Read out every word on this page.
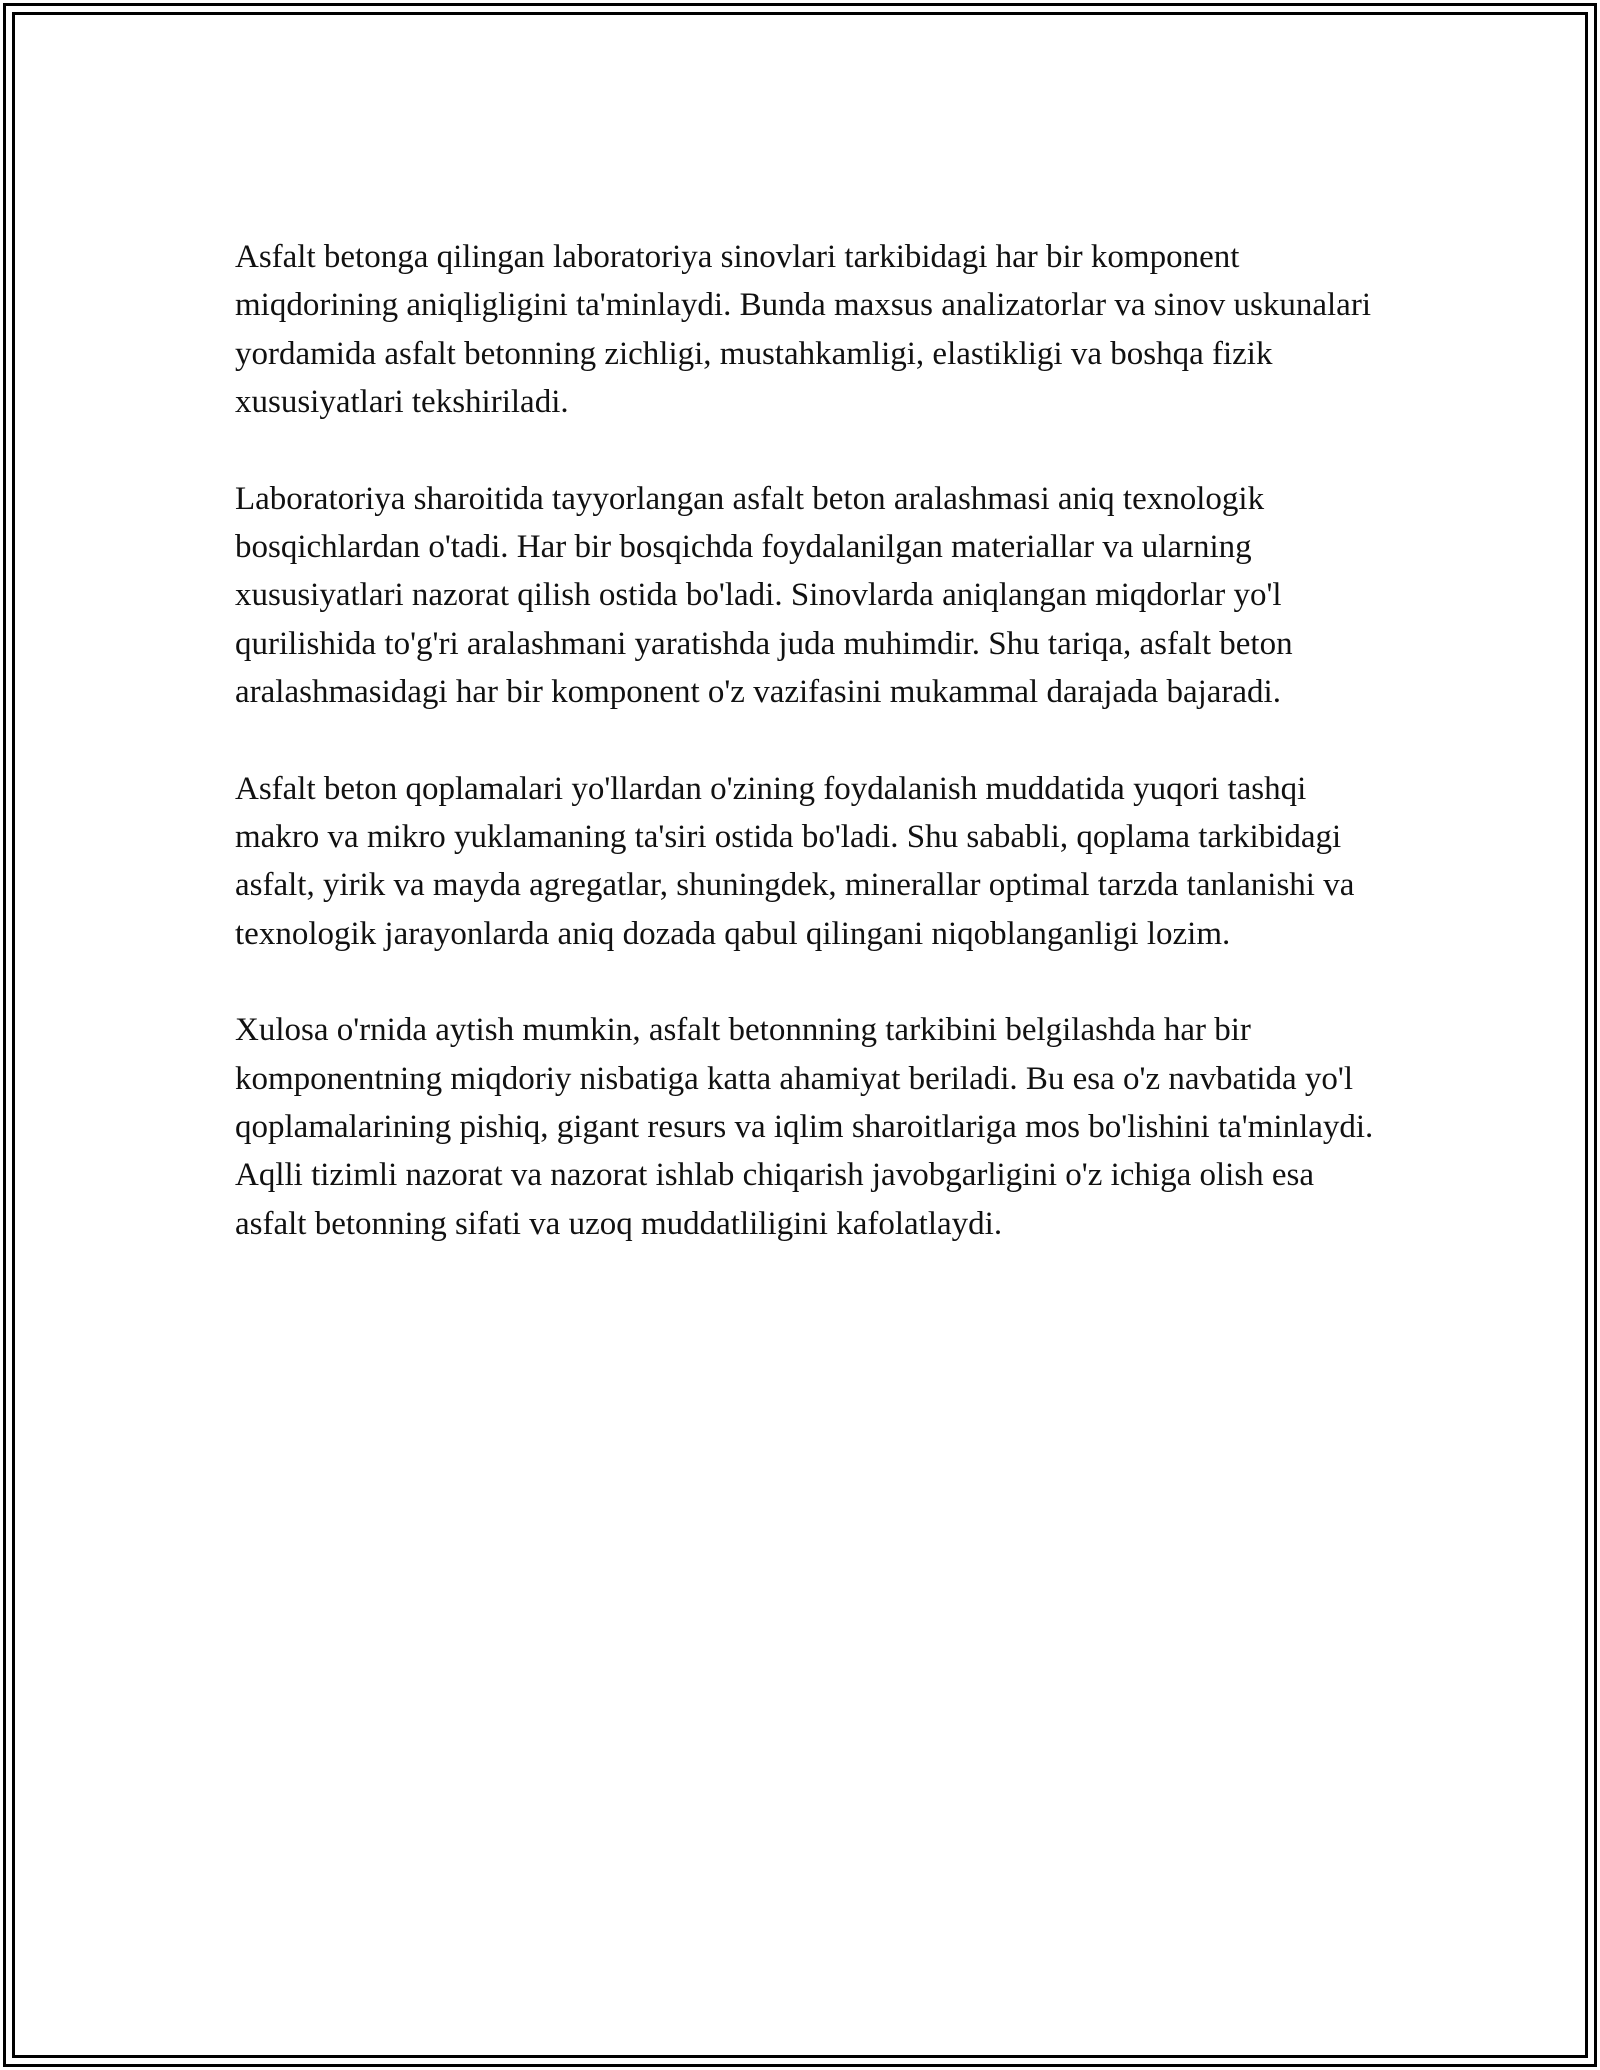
Asfalt betonga qilingan laboratoriya sinovlari tarkibidagi har bir komponent miqdorining aniqligligini ta'minlaydi. Bunda maxsus analizatorlar va sinov uskunalari yordamida asfalt betonning zichligi, mustahkamligi, elastikligi va boshqa fizik xususiyatlari tekshiriladi.

Laboratoriya sharoitida tayyorlangan asfalt beton aralashmasi aniq texnologik bosqichlardan o'tadi. Har bir bosqichda foydalanilgan materiallar va ularning xususiyatlari nazorat qilish ostida bo'ladi. Sinovlarda aniqlangan miqdorlar yo'l qurilishida to'g'ri aralashmani yaratishda juda muhimdir. Shu tariqa, asfalt beton aralashmasidagi har bir komponent o'z vazifasini mukammal darajada bajaradi.

Asfalt beton qoplamalari yo'llardan o'zining foydalanish muddatida yuqori tashqi makro va mikro yuklamaning ta'siri ostida bo'ladi. Shu sababli, qoplama tarkibidagi asfalt, yirik va mayda agregatlar, shuningdek, minerallar optimal tarzda tanlanishi va texnologik jarayonlarda aniq dozada qabul qilingani niqoblanganligi lozim.

Xulosa o'rnida aytish mumkin, asfalt betonnning tarkibini belgilashda har bir komponentning miqdoriy nisbatiga katta ahamiyat beriladi. Bu esa o'z navbatida yo'l qoplamalarining pishiq, gigant resurs va iqlim sharoitlariga mos bo'lishini ta'minlaydi. Aqlli tizimli nazorat va nazorat ishlab chiqarish javobgarligini o'z ichiga olish esa asfalt betonning sifati va uzoq muddatliligini kafolatlaydi.
